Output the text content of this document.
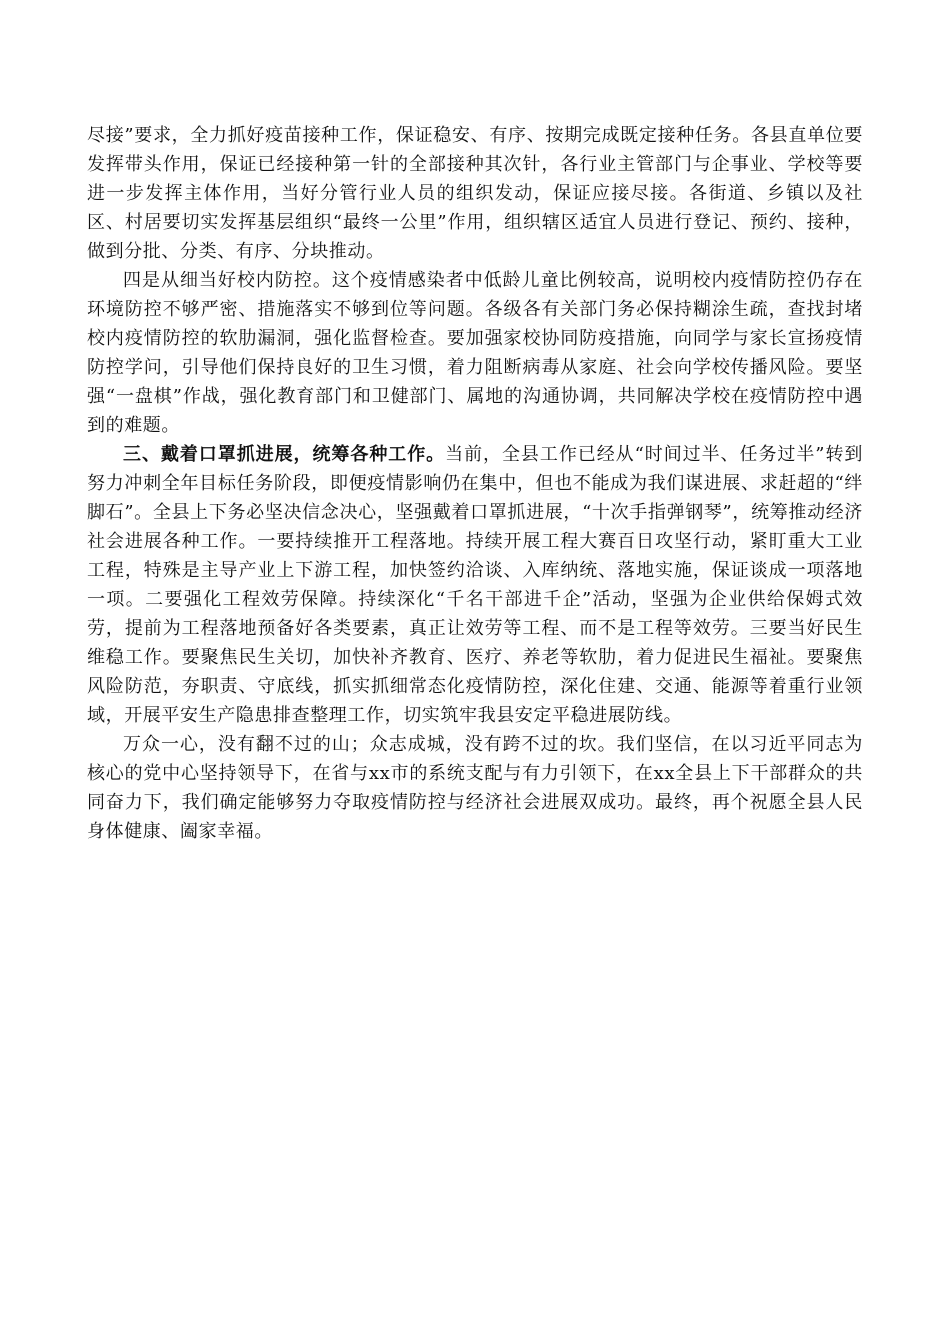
尽接”要求，全力抓好疫苗接种工作，保证稳安、有序、按期完成既定接种任务。各县直单位要发挥带头作用，保证已经接种第一针的全部接种其次针，各行业主管部门与企事业、学校等要进一步发挥主体作用，当好分管行业人员的组织发动，保证应接尽接。各街道、乡镇以及社区、村居要切实发挥基层组织“最终一公里”作用，组织辖区适宜人员进行登记、预约、接种，做到分批、分类、有序、分块推动。

四是从细当好校内防控。这个疫情感染者中低龄儿童比例较高，说明校内疫情防控仍存在环境防控不够严密、措施落实不够到位等问题。各级各有关部门务必保持糊涂生疏，查找封堵校内疫情防控的软肋漏洞，强化监督检查。要加强家校协同防疫措施，向同学与家长宣扬疫情防控学问，引导他们保持良好的卫生习惯，着力阻断病毒从家庭、社会向学校传播风险。要坚强“一盘棋”作战，强化教育部门和卫健部门、属地的沟通协调，共同解决学校在疫情防控中遇到的难题。

三、戴着口罩抓进展，统筹各种工作。当前，全县工作已经从“时间过半、任务过半”转到努力冲刺全年目标任务阶段，即便疫情影响仍在集中，但也不能成为我们谋进展、求赶超的“绊脚石”。全县上下务必坚决信念决心，坚强戴着口罩抓进展，“十次手指弹钢琴”，统筹推动经济社会进展各种工作。一要持续推开工程落地。持续开展工程大赛百日攻坚行动，紧盯重大工业工程，特殊是主导产业上下游工程，加快签约洽谈、入库纳统、落地实施，保证谈成一项落地一项。二要强化工程效劳保障。持续深化“千名干部进千企”活动，坚强为企业供给保姆式效劳，提前为工程落地预备好各类要素，真正让效劳等工程、而不是工程等效劳。三要当好民生维稳工作。要聚焦民生关切，加快补齐教育、医疗、养老等软肋，着力促进民生福祉。要聚焦风险防范，夯职责、守底线，抓实抓细常态化疫情防控，深化住建、交通、能源等着重行业领域，开展平安生产隐患排查整理工作，切实筑牢我县安定平稳进展防线。

万众一心，没有翻不过的山；众志成城，没有跨不过的坎。我们坚信，在以习近平同志为核心的党中心坚持领导下，在省与xx市的系统支配与有力引领下，在xx全县上下干部群众的共同奋力下，我们确定能够努力夺取疫情防控与经济社会进展双成功。最终，再个祝愿全县人民身体健康、阖家幸福。
